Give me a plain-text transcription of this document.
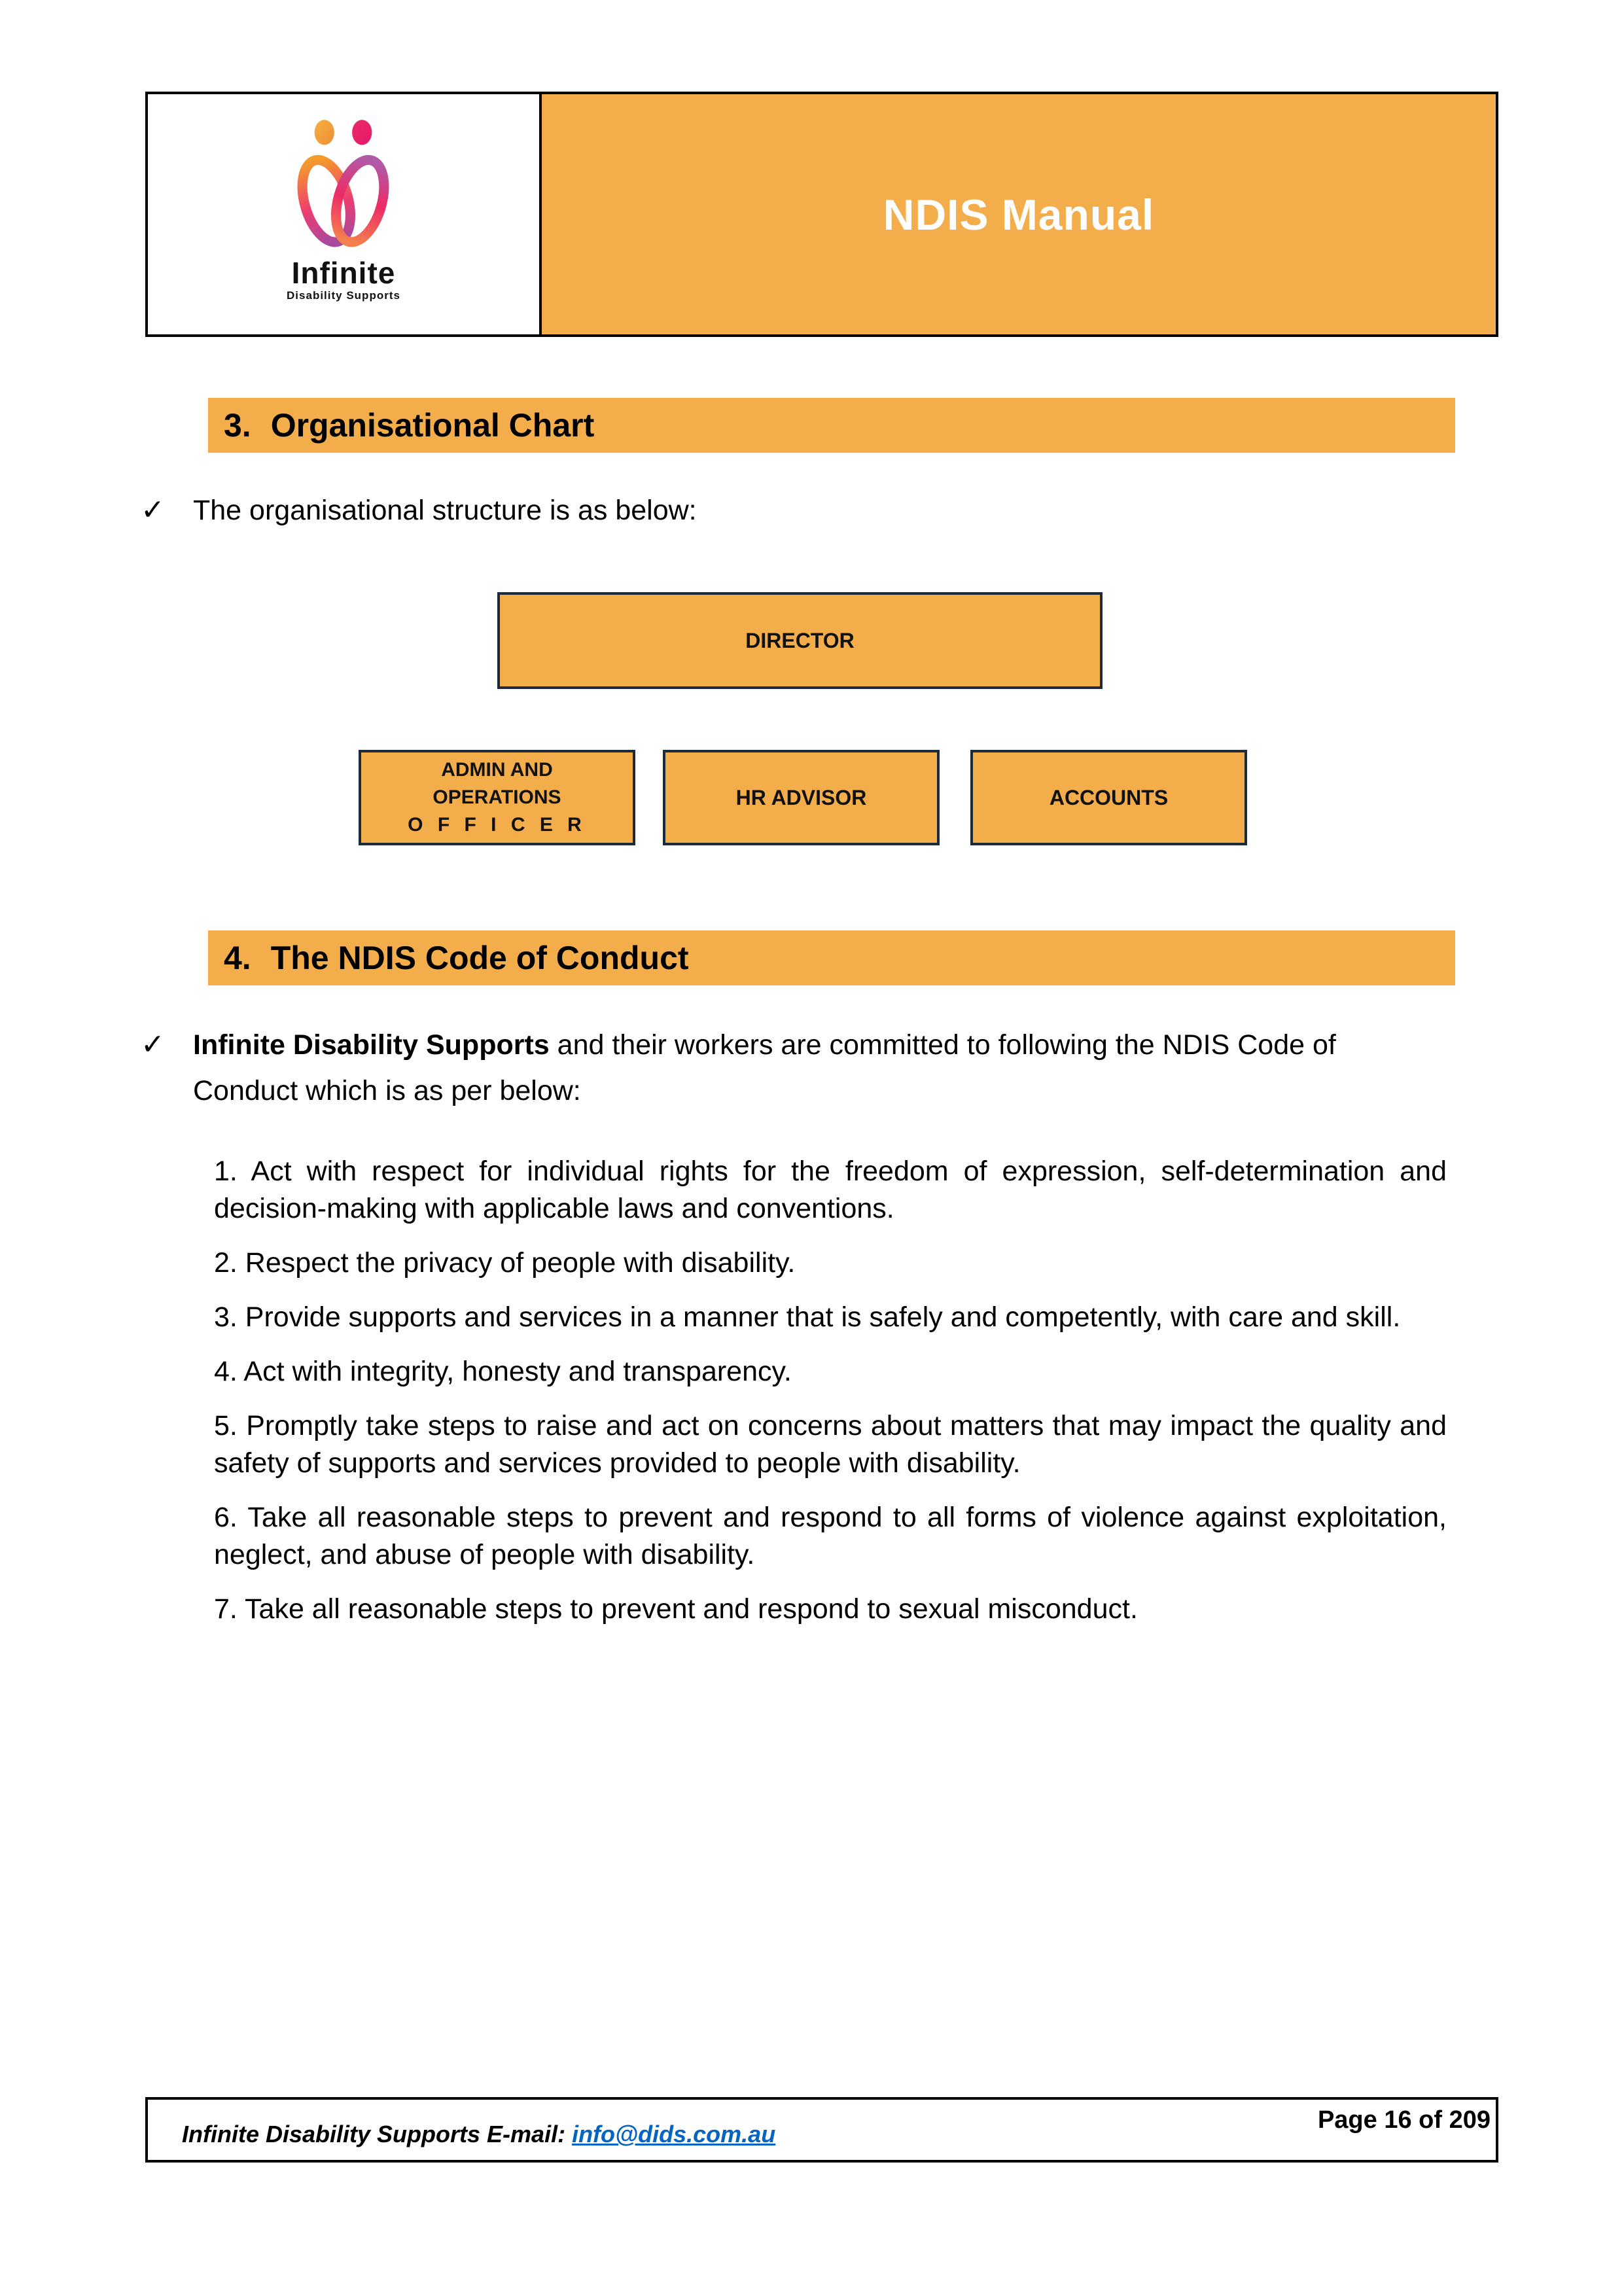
Infinite
Disability Supports
NDIS Manual
3. Organisational Chart
✓	The organisational structure is as below:
DIRECTOR
ADMIN AND
OPERATIONS
O F F I C E R
HR ADVISOR	ACCOUNTS
4. The NDIS Code of Conduct
✓	Infinite Disability Supports and their workers are committed to following the NDIS Code of Conduct which is as per below:

1. Act with respect for individual rights for the freedom of expression, self-determination and decision-making with applicable laws and conventions.

2. Respect the privacy of people with disability.

3. Provide supports and services in a manner that is safely and competently, with care and skill.

4. Act with integrity, honesty and transparency.

5. Promptly take steps to raise and act on concerns about matters that may impact the quality and safety of supports and services provided to people with disability.

6. Take all reasonable steps to prevent and respond to all forms of violence against exploitation, neglect, and abuse of people with disability.

7. Take all reasonable steps to prevent and respond to sexual misconduct.

Infinite Disability Supports E-mail: info@dids.com.au
Page 16 of 209
